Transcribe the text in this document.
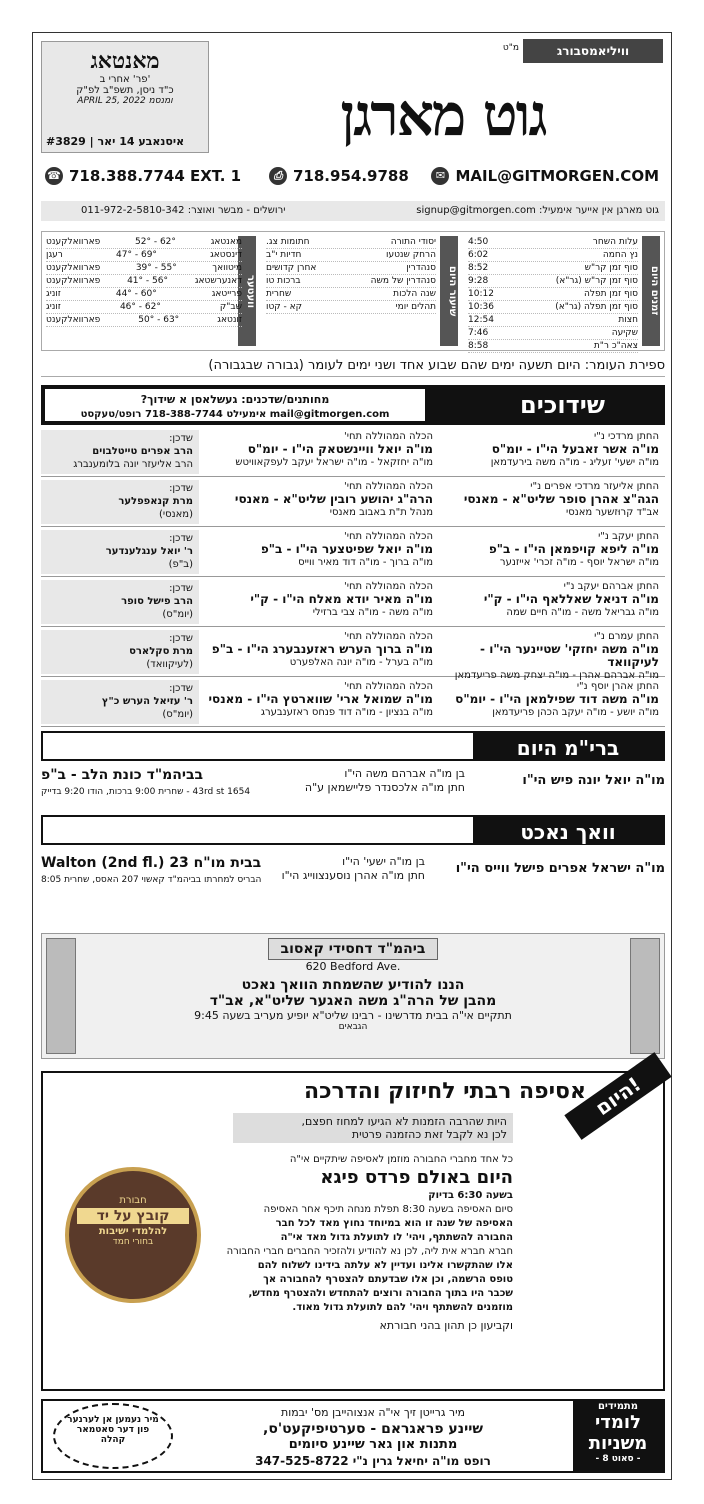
מאנטאג
פר' אחרי ב'
כ"ד ניסן, תשפ"ב לפ"ק
APRIL 25, 2022 ומנסמ
#3829 | איסנאבע 14 יאר
וויליאמסבורג
מ"ט
גוט מארגן
☎ 718.388.7744 EXT. 1	⎙ 718.954.9788	✉ MAIL@GITMORGEN.COM
גוט מארגן אין אייער אימעיל: signup@gitmorgen.com
ירושלים - מבשר ואוצר: 011-972-2-5810-342
זמנים היום
עלות השחר
4:50
נץ החמה
6:02
סוף זמן קר"ש
8:52
סוף זמן קר"ש (גר"א)
9:28
סוף זמן תפלה
10:12
סוף זמן תפלה (גר"א)
10:36
חצות
12:54
שקיעה
7:46
צאה"כ ר"ת
8:58
שיעור היום
יסודי התורה
חתומות צג.
הרחק שנטעו
חדיות י"ב
סנהדרין
אחרן קדושים
סנהדרין של משה
ברכות טו
שנה הלכות
שחרית
תהלים יומי
קא - קטו
וועטער
מאנטאג
62° - 52°
פארוואלקענט
דינסטאג
69° - 47°
רעגן
מיטוואך
55° - 39°
פארוואלקענט
דאנערשטאג
56° - 41°
פארוואלקענט
פרייטאג
60° - 44°
זוניג
שב"ק
62° - 46°
זוניג
זונטאג
63° - 50°
פארוואלקענט
ספירת העומר: היום תשעה ימים שהם שבוע אחד ושני ימים לעומר (גבורה שבגבורה)
שידוכים
מחותנים/שדכנים: געשלאסן א שידוך?
mail@gitmorgen.com אימעילט 718-388-7744 רופט/טעקסט
החתן מרדכי נ"י
מו"ה אשר זאבעל הי"ו - יומ"ס
מו"ה ישעי' זעליג - מו"ה משה בירעדמאן
הכלה המהוללה תחי'
מו"ה יואל וויינשטאק הי"ו - יומ"ס
מו"ה יחזקאל - מו"ה ישראל יעקב לעפקאוויטש
שדכן:
הרב אפרים טייטלבוים
הרב אליעזר יונה בלומענברג
החתן אליעזר מרדכי אפרים נ"י
הגה"צ אהרן סופר שליט"א - מאנסי
אב"ד קרוּזשער מאנסי
הכלה המהוללה תחי'
הרה"ג יהושע רובין שליט"א - מאנסי
מנהל ת"ת באבוב מאנסי
שדכן:
מרת קנאפפלער
(מאנסי)
החתן יעקב נ"י
מו"ה ליפא קויפמאן הי"ו - ב"פ
מו"ה ישראל יוסף - מו"ה זכרי' אייזנער
הכלה המהוללה תחי'
מו"ה יואל שפיטצער הי"ו - ב"פ
מו"ה ברוך - מו"ה דוד מאיר ווייס
שדכן:
ר' יואל ענגלענדער
(ב"פ)
החתן אברהם יעקב נ"י
מו"ה דניאל שאללאף הי"ו - ק"י
מו"ה גבריאל משה - מו"ה חיים שמה
הכלה המהוללה תחי'
מו"ה מאיר יודא מאלח הי"ו - ק"י
מו"ה משה - מו"ה צבי ברזילי
שדכן:
הרב פישל סופר
(יומ"ס)
החתן עמרם נ"י
מו"ה משה יחזקי' שטיינער הי"ו - לעיקוואד
מו"ה אברהם אהרן - מו"ה יצחק משה פריעדמאן
הכלה המהוללה תחי'
מו"ה ברוך הערש ראזענבערג הי"ו - ב"פ
מו"ה בערל - מו"ה יונה האלפערט
שדכן:
מרת סקלארס
(לעיקוואד)
החתן אהרן יוסף נ"י
מו"ה משה דוד שפילמאן הי"ו - יומ"ס
מו"ה יושע - מו"ה יעקב הכהן פריעדמאן
הכלה המהוללה תחי'
מו"ה שמואל ארי' שווארטץ הי"ו - מאנסי
מו"ה בנציון - מו"ה דוד פנחס ראזענבערג
שדכן:
ר' עזיאל הערש כ"ץ
(יומ"ס)
ברי"מ היום
מו"ה יואל יונה פיש הי"ו
בן מו"ה אברהם משה הי"ו
חתן מו"ה אלכסנדר פליישמאן ע"ה
בביהמ"ד כונת הלב - ב"פ
1654 43rd st - שחרית 9:00 ברכות, הודו 9:20 בדייק
וואך נאכט
מו"ה ישראל אפרים פישל ווייס הי"ו
בן מו"ה ישעי' הי"ו
חתן מו"ה אהרן נוסענצווייג הי"ו
בבית מו"ח 23 Walton (2nd fl.)
הבריס למחרתו בביהמ"ד קאשוי 207 האסס, שחרית 8:05
ביהמ"ד דחסידי קאסוב
620 Bedford Ave.
הננו להודיע שהשמחת הוואך נאכט
מהבן של הרה"ג משה האגער שליט"א, אב"ד
תתקיים אי"ה בבית מדרשינו - רבינו שליט"א יופיע מעריב בשעה 9:45
הגבאים
אסיפה רבתי לחיזוק והדרכה היום!
היות שהרבה הזמנות לא הגיעו למחוז חפצם,
לכן נא לקבל זאת כהזמנה פרטית
כל אחד מחברי החבורה מוזמן לאסיפה שיתקיים אי"ה
היום באולם פרדס פיגא
בשעה 6:30 בדיוק
סיום האסיפה בשעה 8:30 תפלת מנחה תיכף אחר האסיפה
האסיפה של שנה זו הוא במיוחד נחוץ מאד לכל חבר
החבורה להשתתף, ויהי' לו לתועלת גדול מאד אי"ה
חברא חברא אית ליה, לכן נא להודיע ולהזכיר החברים חברי החבורה
אלו שהתקשרו אלינו ועדיין לא עלתה בידינו לשלוח להם
טופס הרשמה, וכן אלו שבדעתם להצטרף להחבורה אך
שכבר היו בתוך החבורה ורוצים להתחדש ולהצטרף מחדש,
מוזמנים להשתתף ויהי' להם לתועלת גדול מאוד.
וקביעון כן תהון בהני חבורתא
חבורת
קובץ על יד
להלמדי ישיבות
בחורי חמד
מתמידים
לומדי
משניות
- סאוט 8 -
מיר גרייטן זיך אי"ה אנצוהייבן מס' יבמות
שיינע פראגראם - סערטיפיקעט'ס,
מתנות און גאר שיינע סיומים
רופט מו"ה יחיאל גרין נ"י 347-525-8722
מיר נעמען אן לערנער פון דער סאטמאר קהלה
